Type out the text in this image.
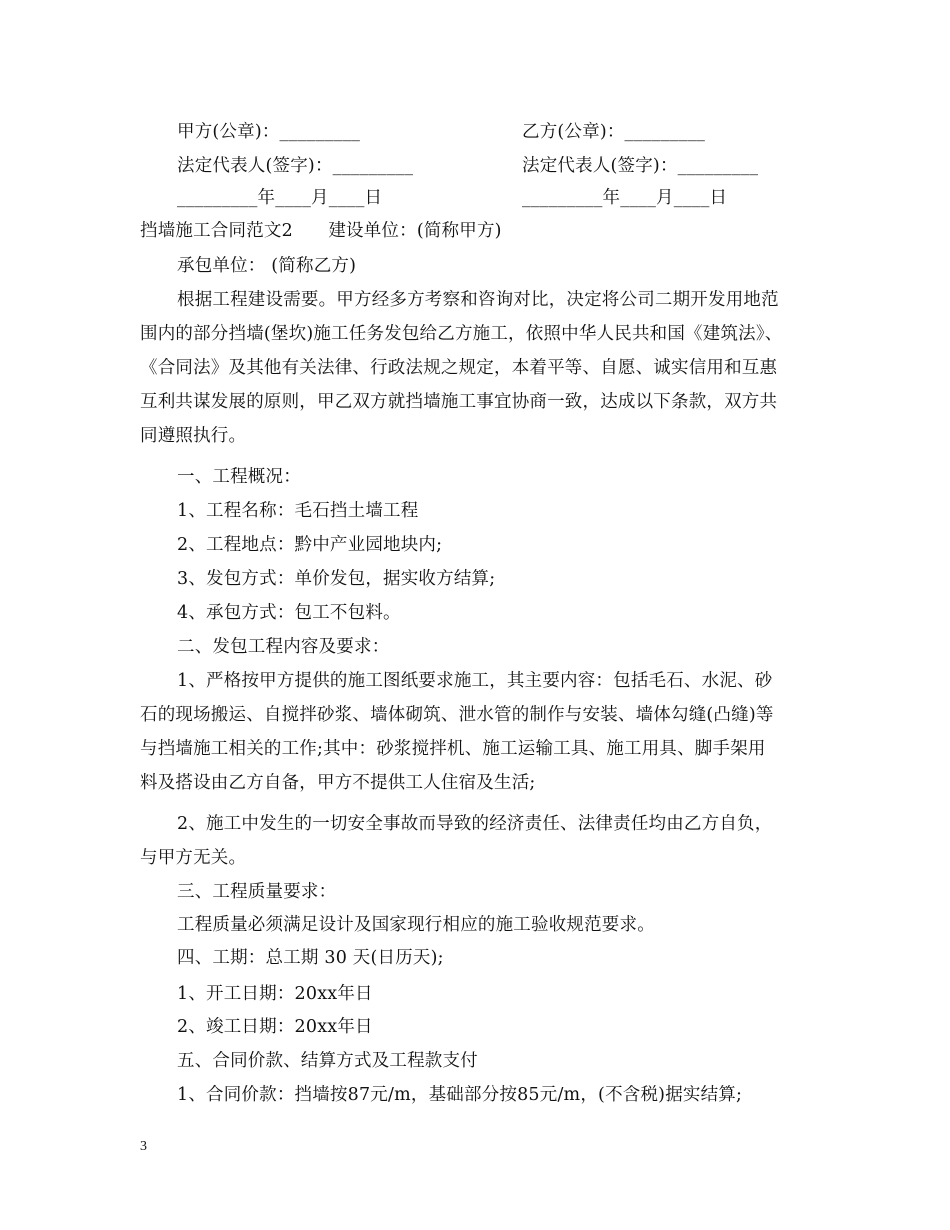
甲方(公章)：_________	乙方(公章)：_________
法定代表人(签字)：_________	法定代表人(签字)：_________
_________年____月____日	_________年____月____日
挡墙施工合同范文2　　建设单位：(简称甲方)
承包单位： (简称乙方)
根据工程建设需要。甲方经多方考察和咨询对比，决定将公司二期开发用地范
围内的部分挡墙(堡坎)施工任务发包给乙方施工，依照中华人民共和国《建筑法》、
《合同法》及其他有关法律、行政法规之规定，本着平等、自愿、诚实信用和互惠
互利共谋发展的原则，甲乙双方就挡墙施工事宜协商一致，达成以下条款，双方共
同遵照执行。
一、工程概况：
1、工程名称：毛石挡土墙工程
2、工程地点：黔中产业园地块内;
3、发包方式：单价发包，据实收方结算;
4、承包方式：包工不包料。
二、发包工程内容及要求：
1、严格按甲方提供的施工图纸要求施工，其主要内容：包括毛石、水泥、砂
石的现场搬运、自搅拌砂浆、墙体砌筑、泄水管的制作与安装、墙体勾缝(凸缝)等
与挡墙施工相关的工作;其中：砂浆搅拌机、施工运输工具、施工用具、脚手架用
料及搭设由乙方自备，甲方不提供工人住宿及生活;
2、施工中发生的一切安全事故而导致的经济责任、法律责任均由乙方自负，
与甲方无关。
三、工程质量要求：
工程质量必须满足设计及国家现行相应的施工验收规范要求。
四、工期：总工期 30 天(日历天);
1、开工日期：20xx年日
2、竣工日期：20xx年日
五、合同价款、结算方式及工程款支付
1、合同价款：挡墙按87元/m，基础部分按85元/m，(不含税)据实结算;
3
